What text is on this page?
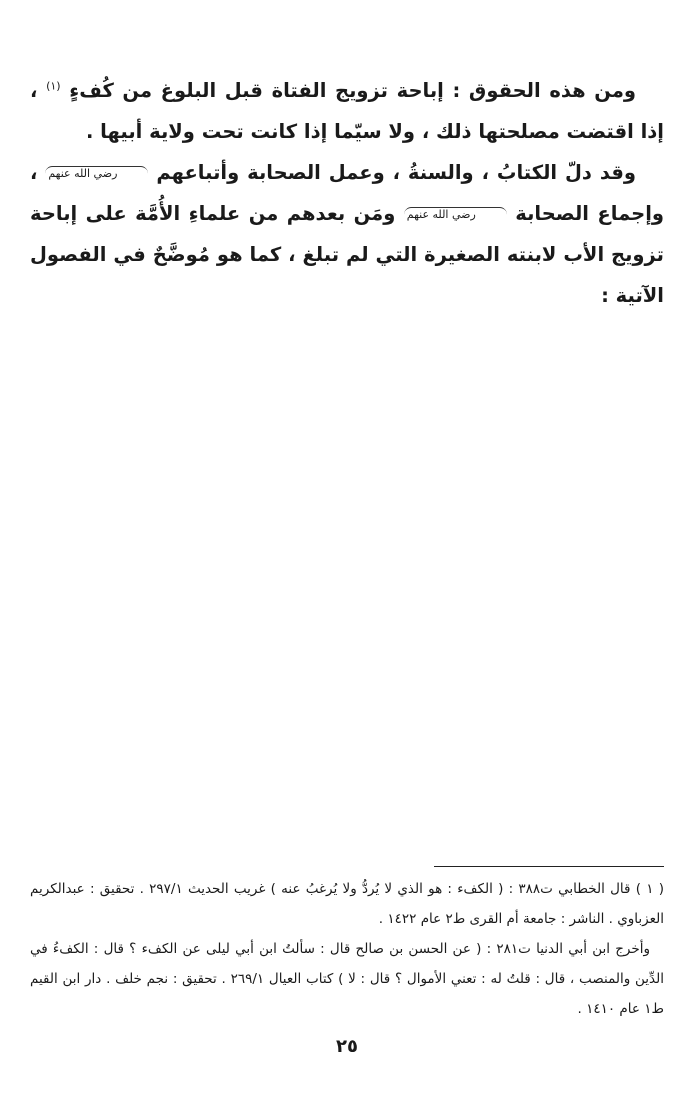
ومن هذه الحقوق : إباحة تزويج الفتاة قبل البلوغ من كُفءٍ $^{(١)}$ ، إذا اقتضت مصلحتها ذلك ، ولا سيّما إذا كانت تحت ولاية أبيها .

وقد دلّ الكتابُ ، والسنةُ ، وعمل الصحابة وأتباعهم رضي الله عنهم ، وإجماع الصحابة رضي الله عنهم ومَن بعدهم من علماءِ الأُمَّة على إباحة تزويج الأب لابنته الصغيرة التي لم تبلغ ، كما هو مُوضَّحٌ في الفصول الآتية :

( ١ ) قال الخطابي ت٣٨٨ : ( الكفء : هو الذي لا يُردُّ ولا يُرغبُ عنه ) غريب الحديث ٢٩٧/١ . تحقيق : عبدالكريم العزباوي . الناشر : جامعة أم القرى ط٢ عام ١٤٢٢ .

وأخرج ابن أبي الدنيا ت٢٨١ : ( عن الحسن بن صالح قال : سألتُ ابن أبي ليلى عن الكفء ؟ قال : الكفءُ في الدِّين والمنصب ، قال : قلتُ له : تعني الأموال ؟ قال : لا ) كتاب العيال ٢٦٩/١ . تحقيق : نجم خلف . دار ابن القيم ط١ عام ١٤١٠ .

٢٥
